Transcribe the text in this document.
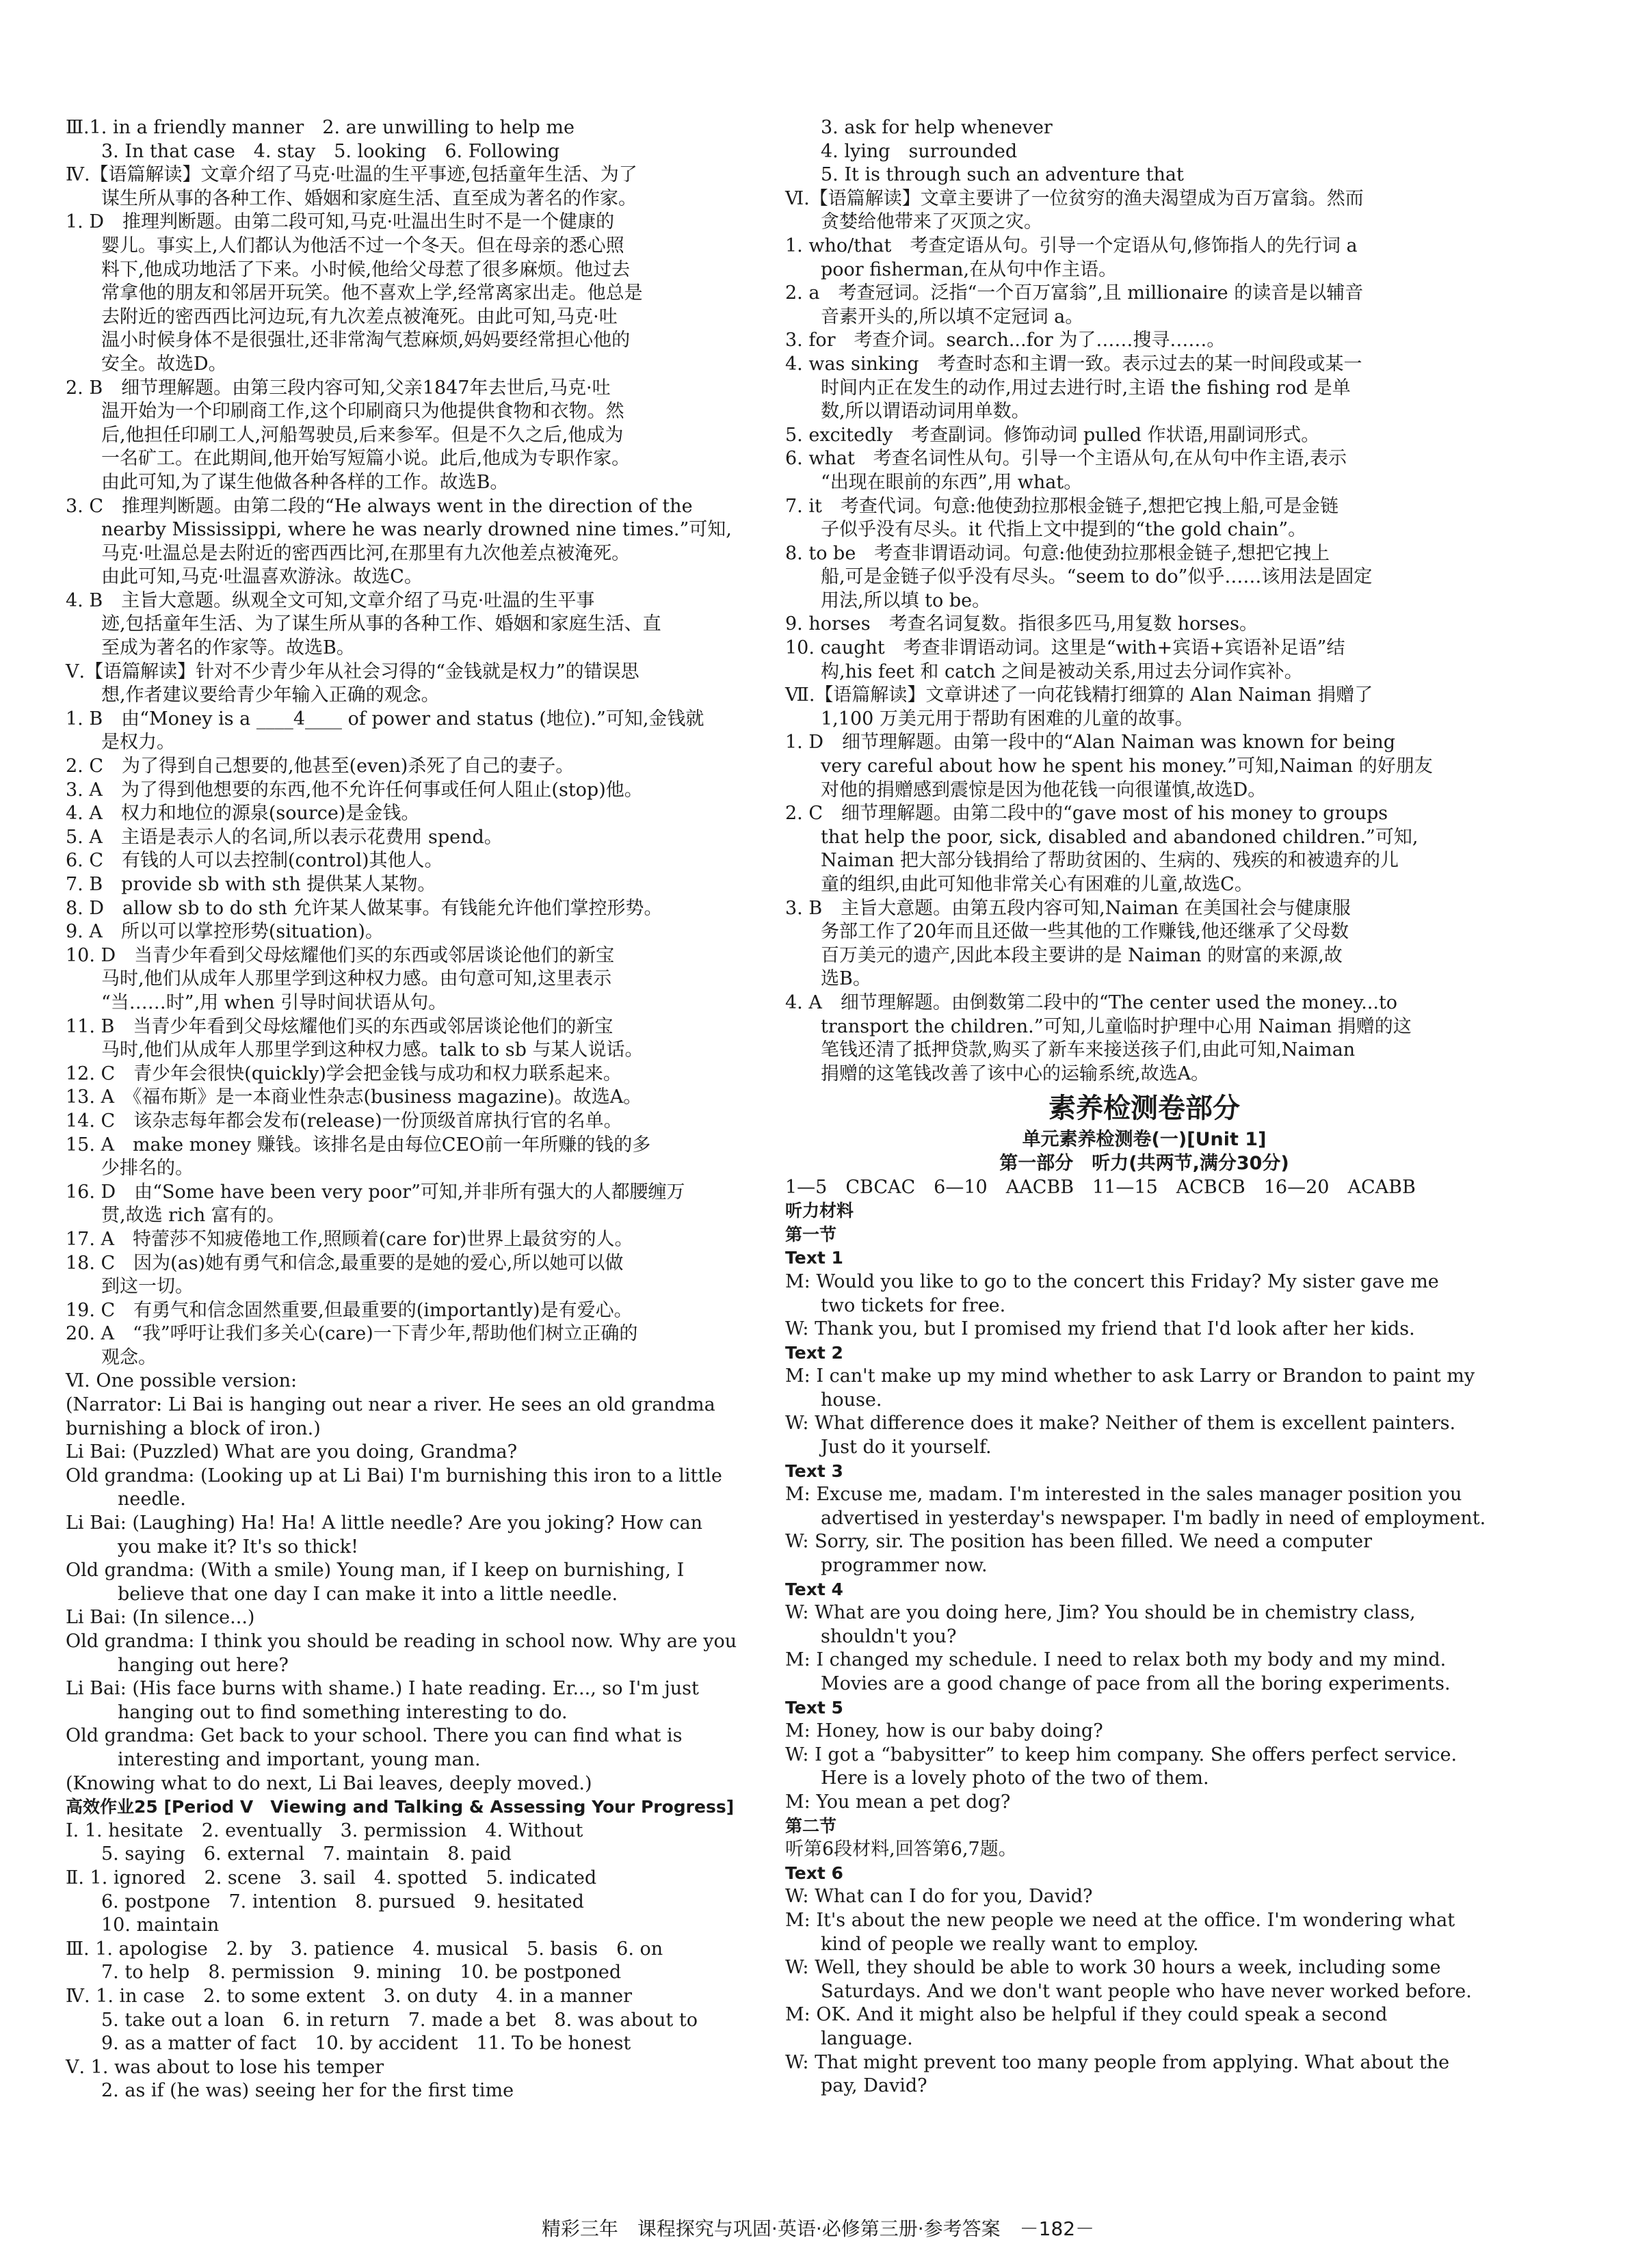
Ⅲ.1. in a friendly manner　2. are unwilling to help me
3. In that case　4. stay　5. looking　6. Following
Ⅳ.【语篇解读】文章介绍了马克·吐温的生平事迹,包括童年生活、为了
谋生所从事的各种工作、婚姻和家庭生活、直至成为著名的作家。
1. D　推理判断题。由第二段可知,马克·吐温出生时不是一个健康的
婴儿。事实上,人们都认为他活不过一个冬天。但在母亲的悉心照
料下,他成功地活了下来。小时候,他给父母惹了很多麻烦。他过去
常拿他的朋友和邻居开玩笑。他不喜欢上学,经常离家出走。他总是
去附近的密西西比河边玩,有九次差点被淹死。由此可知,马克·吐
温小时候身体不是很强壮,还非常淘气惹麻烦,妈妈要经常担心他的
安全。故选D。
2. B　细节理解题。由第三段内容可知,父亲1847年去世后,马克·吐
温开始为一个印刷商工作,这个印刷商只为他提供食物和衣物。然
后,他担任印刷工人,河船驾驶员,后来参军。但是不久之后,他成为
一名矿工。在此期间,他开始写短篇小说。此后,他成为专职作家。
由此可知,为了谋生他做各种各样的工作。故选B。
3. C　推理判断题。由第二段的“He always went in the direction of the
nearby Mississippi, where he was nearly drowned nine times.”可知,
马克·吐温总是去附近的密西西比河,在那里有九次他差点被淹死。
由此可知,马克·吐温喜欢游泳。故选C。
4. B　主旨大意题。纵观全文可知,文章介绍了马克·吐温的生平事
迹,包括童年生活、为了谋生所从事的各种工作、婚姻和家庭生活、直
至成为著名的作家等。故选B。
Ⅴ.【语篇解读】针对不少青少年从社会习得的“金钱就是权力”的错误思
想,作者建议要给青少年输入正确的观念。
1. B　由“Money is a ____4____ of power and status (地位).”可知,金钱就
是权力。
2. C　为了得到自己想要的,他甚至(even)杀死了自己的妻子。
3. A　为了得到他想要的东西,他不允许任何事或任何人阻止(stop)他。
4. A　权力和地位的源泉(source)是金钱。
5. A　主语是表示人的名词,所以表示花费用 spend。
6. C　有钱的人可以去控制(control)其他人。
7. B　provide sb with sth 提供某人某物。
8. D　allow sb to do sth 允许某人做某事。有钱能允许他们掌控形势。
9. A　所以可以掌控形势(situation)。
10. D　当青少年看到父母炫耀他们买的东西或邻居谈论他们的新宝
马时,他们从成年人那里学到这种权力感。由句意可知,这里表示
“当……时”,用 when 引导时间状语从句。
11. B　当青少年看到父母炫耀他们买的东西或邻居谈论他们的新宝
马时,他们从成年人那里学到这种权力感。talk to sb 与某人说话。
12. C　青少年会很快(quickly)学会把金钱与成功和权力联系起来。
13. A　《福布斯》是一本商业性杂志(business magazine)。故选A。
14. C　该杂志每年都会发布(release)一份顶级首席执行官的名单。
15. A　make money 赚钱。该排名是由每位CEO前一年所赚的钱的多
少排名的。
16. D　由“Some have been very poor”可知,并非所有强大的人都腰缠万
贯,故选 rich 富有的。
17. A　特蕾莎不知疲倦地工作,照顾着(care for)世界上最贫穷的人。
18. C　因为(as)她有勇气和信念,最重要的是她的爱心,所以她可以做
到这一切。
19. C　有勇气和信念固然重要,但最重要的(importantly)是有爱心。
20. A　“我”呼吁让我们多关心(care)一下青少年,帮助他们树立正确的
观念。
Ⅵ. One possible version:
(Narrator: Li Bai is hanging out near a river. He sees an old grandma
burnishing a block of iron.)
Li Bai: (Puzzled) What are you doing, Grandma?
Old grandma: (Looking up at Li Bai) I'm burnishing this iron to a little
needle.
Li Bai: (Laughing) Ha! Ha! A little needle? Are you joking? How can
you make it? It's so thick!
Old grandma: (With a smile) Young man, if I keep on burnishing, I
believe that one day I can make it into a little needle.
Li Bai: (In silence...)
Old grandma: I think you should be reading in school now. Why are you
hanging out here?
Li Bai: (His face burns with shame.) I hate reading. Er..., so I'm just
hanging out to find something interesting to do.
Old grandma: Get back to your school. There you can find what is
interesting and important, young man.
(Knowing what to do next, Li Bai leaves, deeply moved.)
高效作业25 [Period Ⅴ　Viewing and Talking & Assessing Your Progress]
Ⅰ. 1. hesitate　2. eventually　3. permission　4. Without
5. saying　6. external　7. maintain　8. paid
Ⅱ. 1. ignored　2. scene　3. sail　4. spotted　5. indicated
6. postpone　7. intention　8. pursued　9. hesitated
10. maintain
Ⅲ. 1. apologise　2. by　3. patience　4. musical　5. basis　6. on
7. to help　8. permission　9. mining　10. be postponed
Ⅳ. 1. in case　2. to some extent　3. on duty　4. in a manner
5. take out a loan　6. in return　7. made a bet　8. was about to
9. as a matter of fact　10. by accident　11. To be honest
Ⅴ. 1. was about to lose his temper
2. as if (he was) seeing her for the first time
3. ask for help whenever
4. lying　surrounded
5. It is through such an adventure that
Ⅵ.【语篇解读】文章主要讲了一位贫穷的渔夫渴望成为百万富翁。然而
贪婪给他带来了灭顶之灾。
1. who/that　考查定语从句。引导一个定语从句,修饰指人的先行词 a
poor fisherman,在从句中作主语。
2. a　考查冠词。泛指“一个百万富翁”,且 millionaire 的读音是以辅音
音素开头的,所以填不定冠词 a。
3. for　考查介词。search...for 为了……搜寻……。
4. was sinking　考查时态和主谓一致。表示过去的某一时间段或某一
时间内正在发生的动作,用过去进行时,主语 the fishing rod 是单
数,所以谓语动词用单数。
5. excitedly　考查副词。修饰动词 pulled 作状语,用副词形式。
6. what　考查名词性从句。引导一个主语从句,在从句中作主语,表示
“出现在眼前的东西”,用 what。
7. it　考查代词。句意:他使劲拉那根金链子,想把它拽上船,可是金链
子似乎没有尽头。it 代指上文中提到的“the gold chain”。
8. to be　考查非谓语动词。句意:他使劲拉那根金链子,想把它拽上
船,可是金链子似乎没有尽头。“seem to do”似乎……该用法是固定
用法,所以填 to be。
9. horses　考查名词复数。指很多匹马,用复数 horses。
10. caught　考查非谓语动词。这里是“with+宾语+宾语补足语”结
构,his feet 和 catch 之间是被动关系,用过去分词作宾补。
Ⅶ.【语篇解读】文章讲述了一向花钱精打细算的 Alan Naiman 捐赠了
1,100 万美元用于帮助有困难的儿童的故事。
1. D　细节理解题。由第一段中的“Alan Naiman was known for being
very careful about how he spent his money.”可知,Naiman 的好朋友
对他的捐赠感到震惊是因为他花钱一向很谨慎,故选D。
2. C　细节理解题。由第二段中的“gave most of his money to groups
that help the poor, sick, disabled and abandoned children.”可知,
Naiman 把大部分钱捐给了帮助贫困的、生病的、残疾的和被遗弃的儿
童的组织,由此可知他非常关心有困难的儿童,故选C。
3. B　主旨大意题。由第五段内容可知,Naiman 在美国社会与健康服
务部工作了20年而且还做一些其他的工作赚钱,他还继承了父母数
百万美元的遗产,因此本段主要讲的是 Naiman 的财富的来源,故
选B。
4. A　细节理解题。由倒数第二段中的“The center used the money...to
transport the children.”可知,儿童临时护理中心用 Naiman 捐赠的这
笔钱还清了抵押贷款,购买了新车来接送孩子们,由此可知,Naiman
捐赠的这笔钱改善了该中心的运输系统,故选A。
素养检测卷部分
单元素养检测卷(一)[Unit 1]
第一部分　听力(共两节,满分30分)
1—5　CBCAC　6—10　AACBB　11—15　ACBCB　16—20　ACABB
听力材料
第一节
Text 1
M: Would you like to go to the concert this Friday? My sister gave me
two tickets for free.
W: Thank you, but I promised my friend that I'd look after her kids.
Text 2
M: I can't make up my mind whether to ask Larry or Brandon to paint my
house.
W: What difference does it make? Neither of them is excellent painters.
Just do it yourself.
Text 3
M: Excuse me, madam. I'm interested in the sales manager position you
advertised in yesterday's newspaper. I'm badly in need of employment.
W: Sorry, sir. The position has been filled. We need a computer
programmer now.
Text 4
W: What are you doing here, Jim? You should be in chemistry class,
shouldn't you?
M: I changed my schedule. I need to relax both my body and my mind.
Movies are a good change of pace from all the boring experiments.
Text 5
M: Honey, how is our baby doing?
W: I got a “babysitter” to keep him company. She offers perfect service.
Here is a lovely photo of the two of them.
M: You mean a pet dog?
第二节
听第6段材料,回答第6,7题。
Text 6
W: What can I do for you, David?
M: It's about the new people we need at the office. I'm wondering what
kind of people we really want to employ.
W: Well, they should be able to work 30 hours a week, including some
Saturdays. And we don't want people who have never worked before.
M: OK. And it might also be helpful if they could speak a second
language.
W: That might prevent too many people from applying. What about the
pay, David?
精彩三年　课程探究与巩固·英语·必修第三册·参考答案　－182－
